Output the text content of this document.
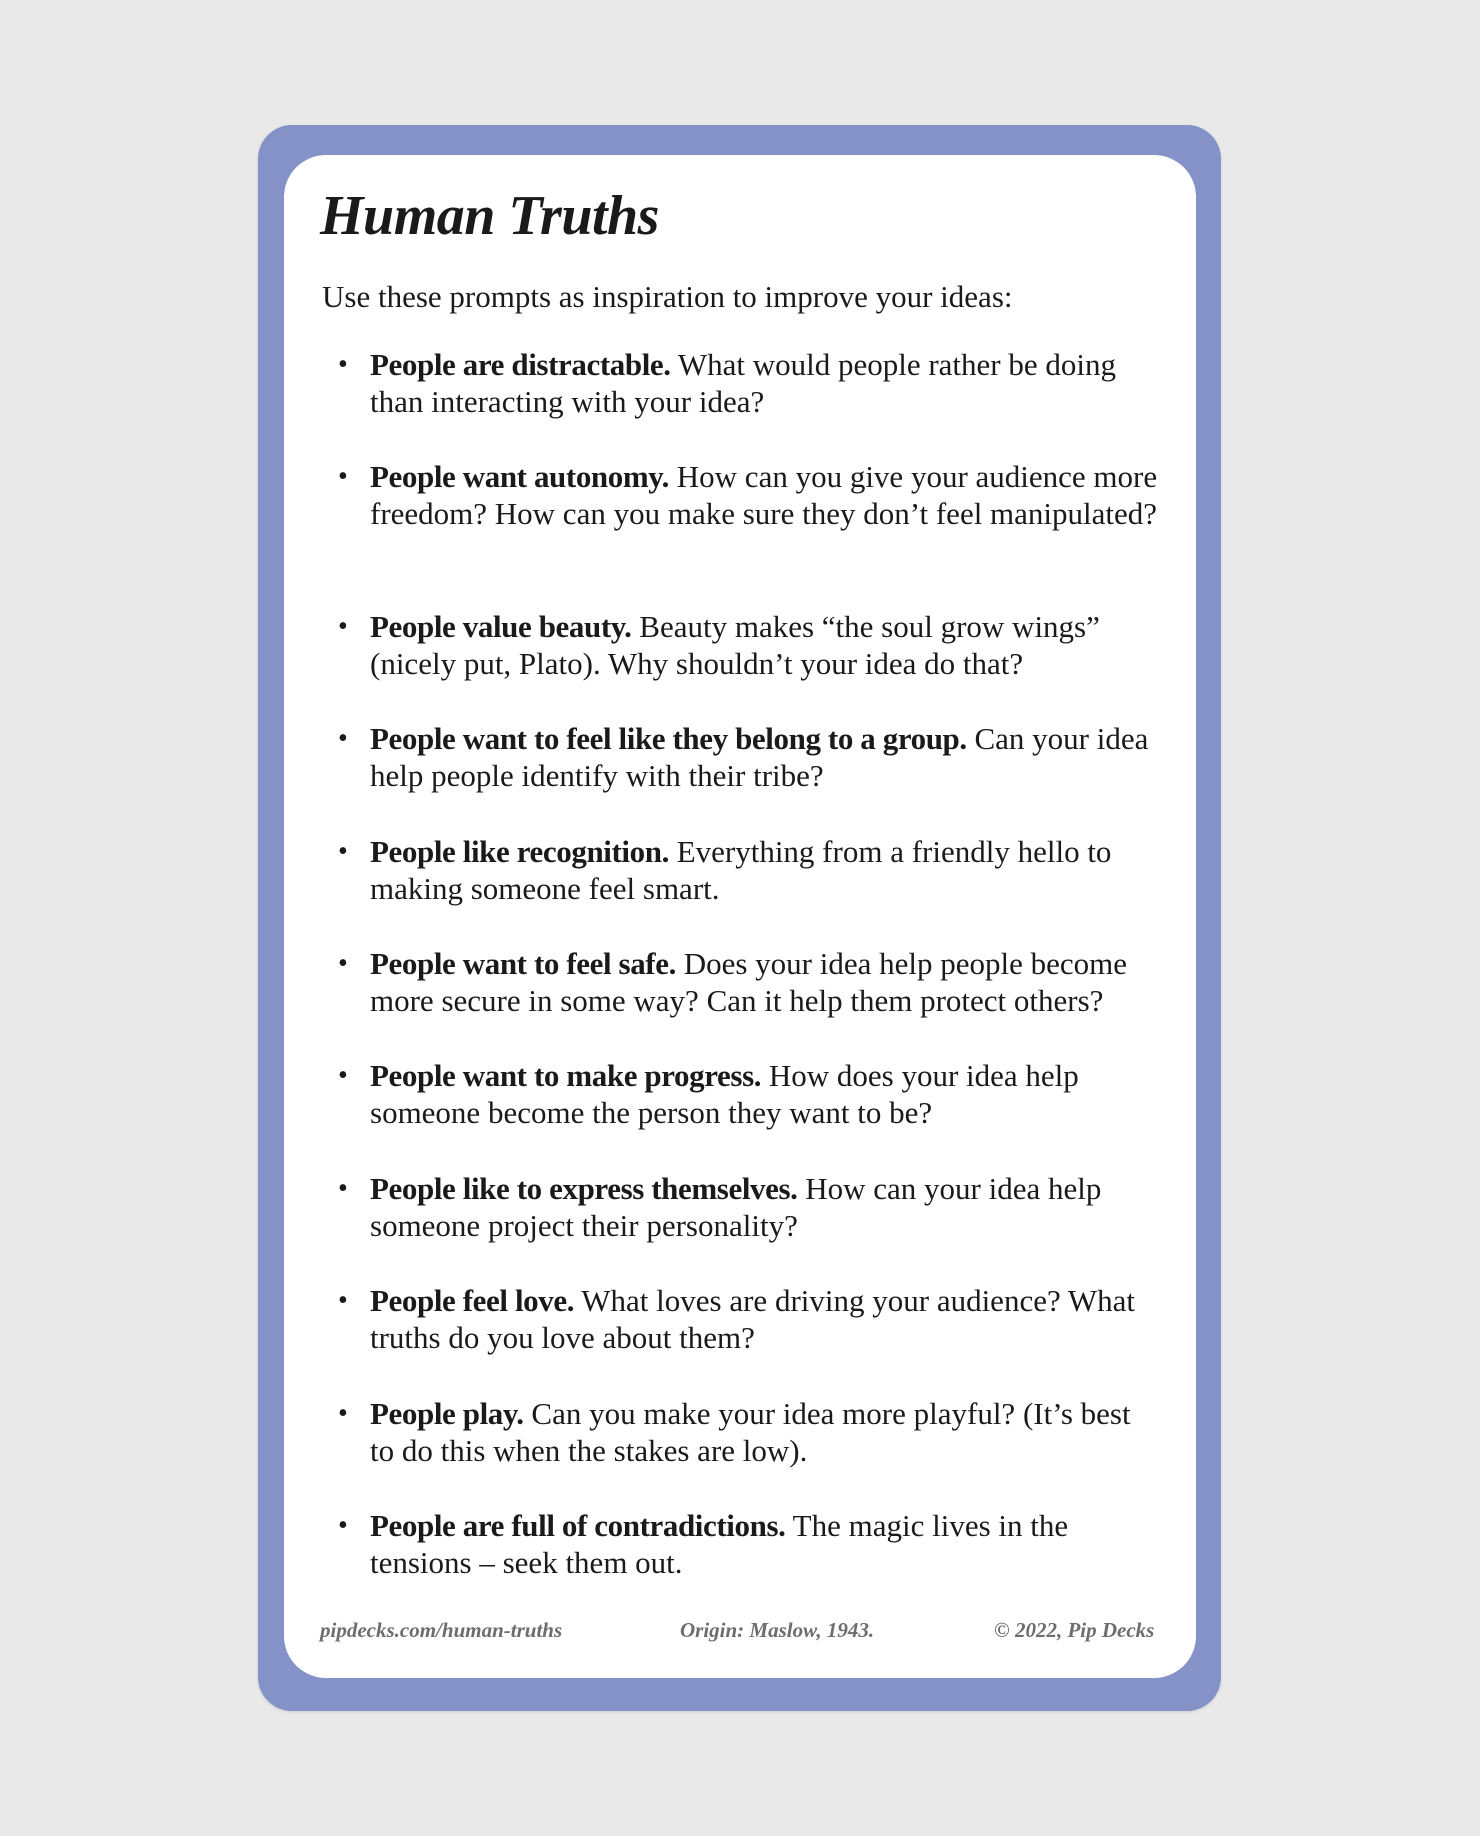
Human Truths

Use these prompts as inspiration to improve your ideas:

• People are distractable. What would people rather be doing than interacting with your idea?
• People want autonomy. How can you give your audience more freedom? How can you make sure they don’t feel manipulated?
• People value beauty. Beauty makes “the soul grow wings” (nicely put, Plato). Why shouldn’t your idea do that?
• People want to feel like they belong to a group. Can your idea help people identify with their tribe?
• People like recognition. Everything from a friendly hello to making someone feel smart.
• People want to feel safe. Does your idea help people become more secure in some way? Can it help them protect others?
• People want to make progress. How does your idea help someone become the person they want to be?
• People like to express themselves. How can your idea help someone project their personality?
• People feel love. What loves are driving your audience? What truths do you love about them?
• People play. Can you make your idea more playful? (It’s best to do this when the stakes are low).
• People are full of contradictions. The magic lives in the tensions – seek them out.

pipdecks.com/human-truths	Origin: Maslow, 1943.	© 2022, Pip Decks
